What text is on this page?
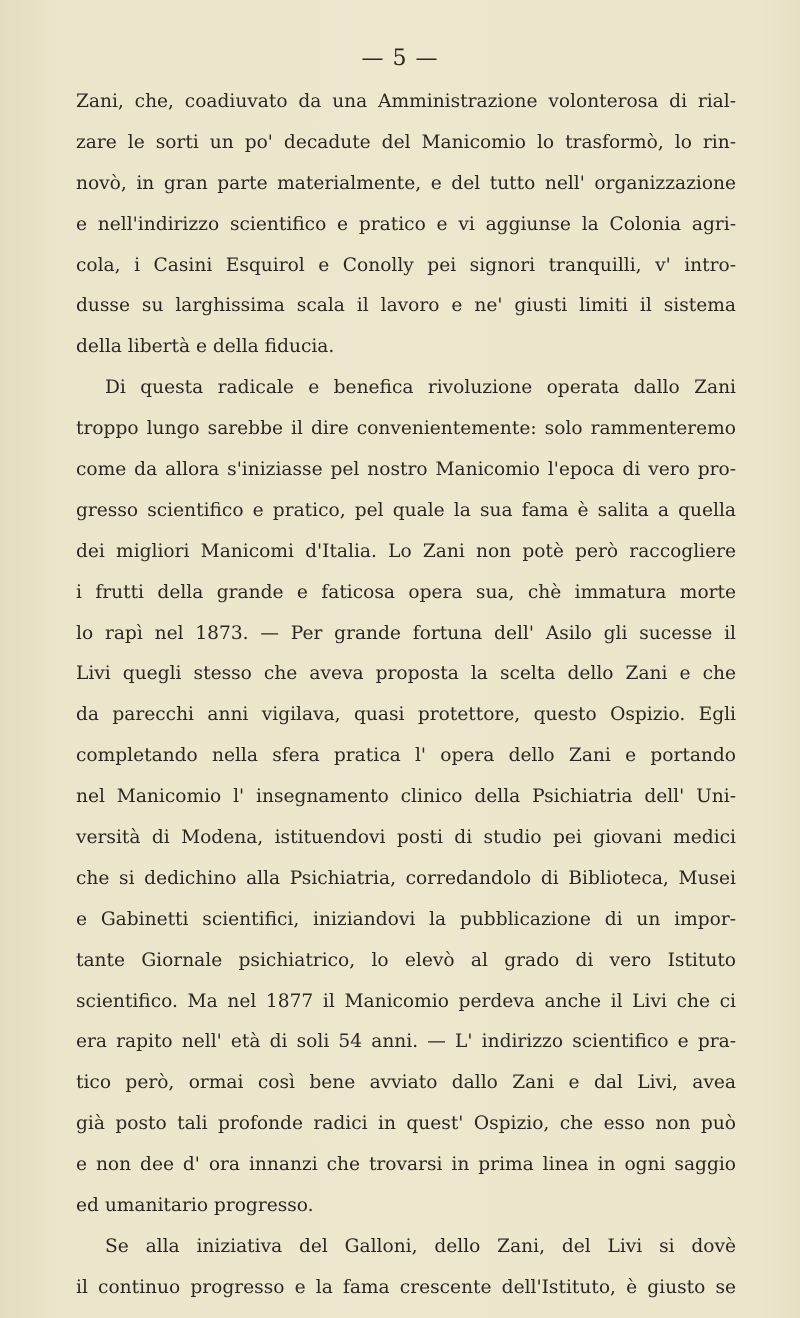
— 5 —
Zani, che, coadiuvato da una Amministrazione volonterosa di rial-
zare le sorti un po' decadute del Manicomio lo trasformò, lo rin-
novò, in gran parte materialmente, e del tutto nell' organizzazione
e nell'indirizzo scientifico e pratico e vi aggiunse la Colonia agri-
cola, i Casini Esquirol e Conolly pei signori tranquilli, v' intro-
dusse su larghissima scala il lavoro e ne' giusti limiti il sistema
della libertà e della fiducia.
Di questa radicale e benefica rivoluzione operata dallo Zani
troppo lungo sarebbe il dire convenientemente: solo rammenteremo
come da allora s'iniziasse pel nostro Manicomio l'epoca di vero pro-
gresso scientifico e pratico, pel quale la sua fama è salita a quella
dei migliori Manicomi d'Italia. Lo Zani non potè però raccogliere
i frutti della grande e faticosa opera sua, chè immatura morte
lo rapì nel 1873. — Per grande fortuna dell' Asilo gli sucesse il
Livi quegli stesso che aveva proposta la scelta dello Zani e che
da parecchi anni vigilava, quasi protettore, questo Ospizio. Egli
completando nella sfera pratica l' opera dello Zani e portando
nel Manicomio l' insegnamento clinico della Psichiatria dell' Uni-
versità di Modena, istituendovi posti di studio pei giovani medici
che si dedichino alla Psichiatria, corredandolo di Biblioteca, Musei
e Gabinetti scientifici, iniziandovi la pubblicazione di un impor-
tante Giornale psichiatrico, lo elevò al grado di vero Istituto
scientifico. Ma nel 1877 il Manicomio perdeva anche il Livi che ci
era rapito nell' età di soli 54 anni. — L' indirizzo scientifico e pra-
tico però, ormai così bene avviato dallo Zani e dal Livi, avea
già posto tali profonde radici in quest' Ospizio, che esso non può
e non dee d' ora innanzi che trovarsi in prima linea in ogni saggio
ed umanitario progresso.
Se alla iniziativa del Galloni, dello Zani, del Livi si dovè
il continuo progresso e la fama crescente dell'Istituto, è giusto se
